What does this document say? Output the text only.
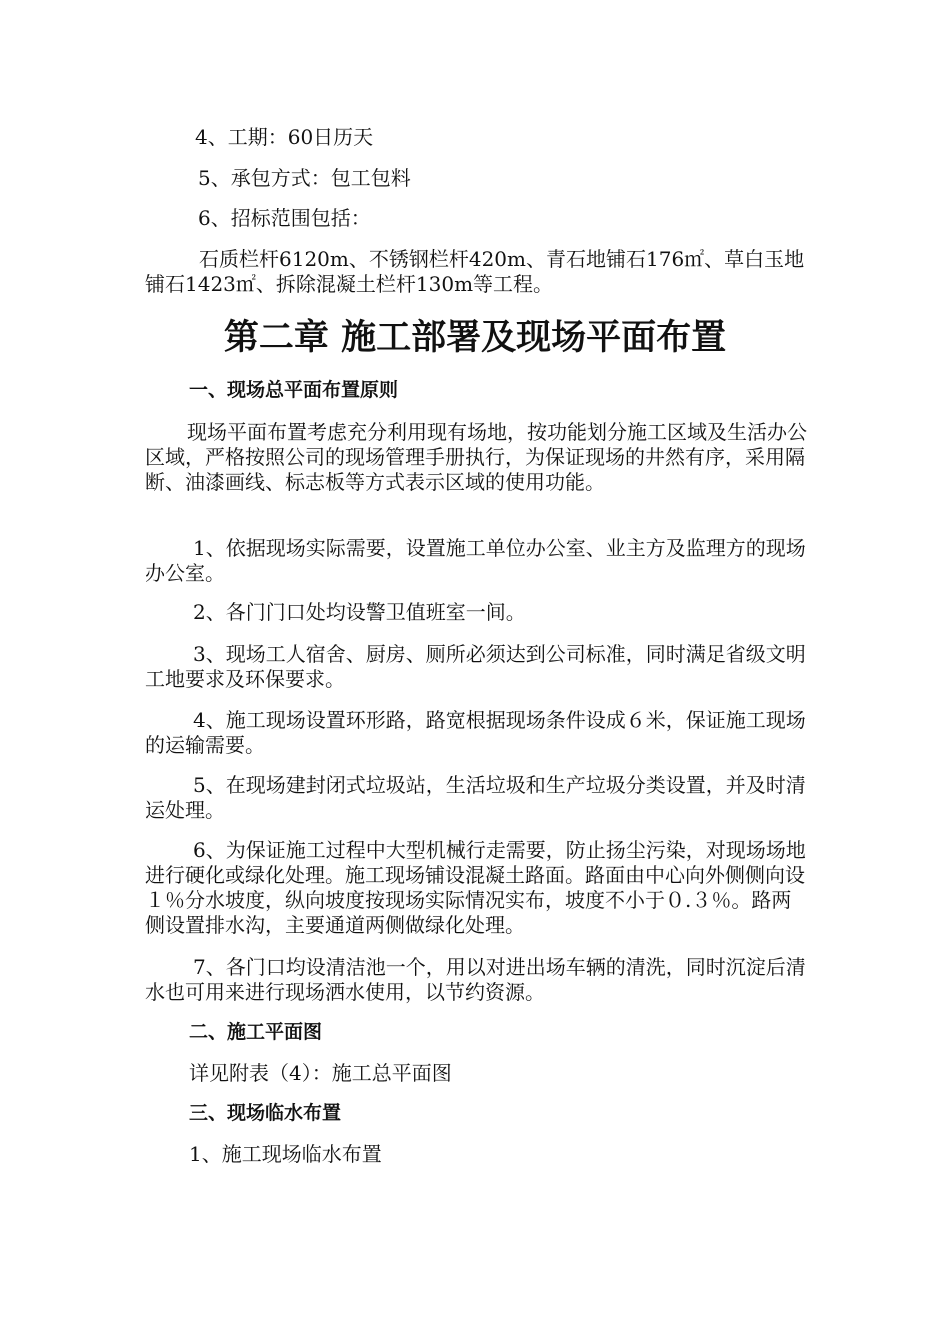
4、工期：60日历天
5、承包方式：包工包料
6、招标范围包括：

石质栏杆6120m、不锈钢栏杆420m、青石地铺石176㎡、草白玉地铺石1423㎡、拆除混凝土栏杆130m等工程。

第二章 施工部署及现场平面布置
一、现场总平面布置原则

现场平面布置考虑充分利用现有场地，按功能划分施工区域及生活办公区域，严格按照公司的现场管理手册执行，为保证现场的井然有序，采用隔断、油漆画线、标志板等方式表示区域的使用功能。

1、依据现场实际需要，设置施工单位办公室、业主方及监理方的现场办公室。

2、各门门口处均设警卫值班室一间。

3、现场工人宿舍、厨房、厕所必须达到公司标准，同时满足省级文明工地要求及环保要求。

4、施工现场设置环形路，路宽根据现场条件设成６米，保证施工现场的运输需要。

5、在现场建封闭式垃圾站，生活垃圾和生产垃圾分类设置，并及时清运处理。

6、为保证施工过程中大型机械行走需要，防止扬尘污染，对现场场地进行硬化或绿化处理。施工现场铺设混凝土路面。路面由中心向外侧侧向设１％分水坡度，纵向坡度按现场实际情况实布，坡度不小于０.３％。路两侧设置排水沟，主要通道两侧做绿化处理。

7、各门口均设清洁池一个，用以对进出场车辆的清洗，同时沉淀后清水也可用来进行现场洒水使用，以节约资源。

二、施工平面图
详见附表（4）：施工总平面图
三、现场临水布置
1、施工现场临水布置
